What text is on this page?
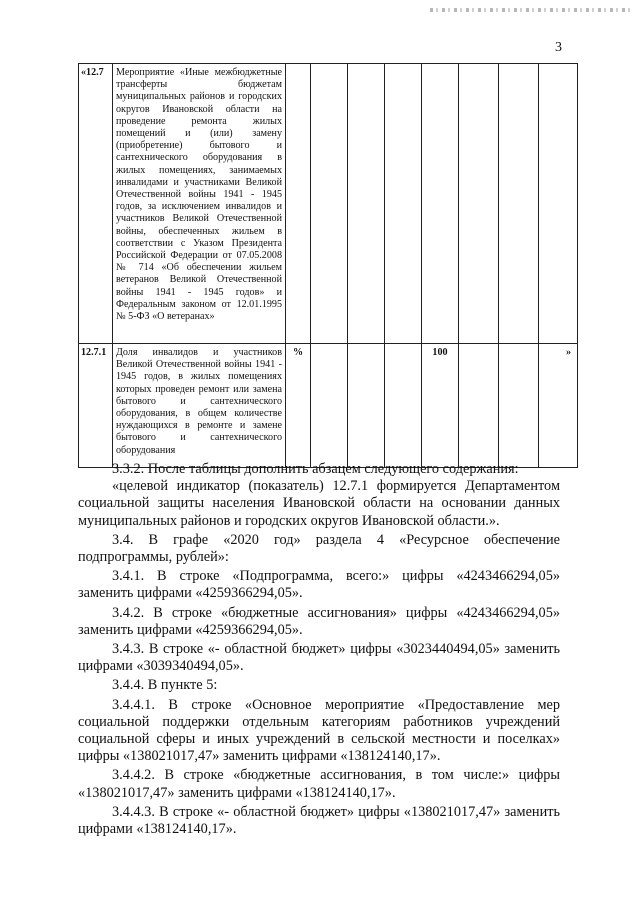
3
«12.7	Мероприятие «Иные межбюджетные трансферты бюджетам муниципальных районов и городских округов Ивановской области на проведение ремонта жилых помещений и (или) замену (приобретение) бытового и сантехнического оборудования в жилых помещениях, занимаемых инвалидами и участниками Великой Отечественной войны 1941 - 1945 годов, за исключением инвалидов и участников Великой Отечественной войны, обеспеченных жильем в соответствии с Указом Президента Российской Федерации от 07.05.2008 № 714 «Об обеспечении жильем ветеранов Великой Отечественной войны 1941 - 1945 годов» и Федеральным законом от 12.01.1995 № 5-ФЗ «О ветеранах»								
12.7.1	Доля инвалидов и участников Великой Отечественной войны 1941 - 1945 годов, в жилых помещениях которых проведен ремонт или замена бытового и сантехнического оборудования, в общем количестве нуждающихся в ремонте и замене бытового и сантехнического оборудования	%				100			»

3.3.2. После таблицы дополнить абзацем следующего содержания:

«целевой индикатор (показатель) 12.7.1 формируется Департаментом социальной защиты населения Ивановской области на основании данных муниципальных районов и городских округов Ивановской области.».

3.4. В графе «2020 год» раздела 4 «Ресурсное обеспечение подпрограммы, рублей»:

3.4.1. В строке «Подпрограмма, всего:» цифры «4243466294,05» заменить цифрами «4259366294,05».

3.4.2. В строке «бюджетные ассигнования» цифры «4243466294,05» заменить цифрами «4259366294,05».

3.4.3. В строке «- областной бюджет» цифры «3023440494,05» заменить цифрами «3039340494,05».

3.4.4. В пункте 5:

3.4.4.1. В строке «Основное мероприятие «Предоставление мер социальной поддержки отдельным категориям работников учреждений социальной сферы и иных учреждений в сельской местности и поселках» цифры «138021017,47» заменить цифрами «138124140,17».

3.4.4.2. В строке «бюджетные ассигнования, в том числе:» цифры «138021017,47» заменить цифрами «138124140,17».

3.4.4.3. В строке «- областной бюджет» цифры «138021017,47» заменить цифрами «138124140,17».
